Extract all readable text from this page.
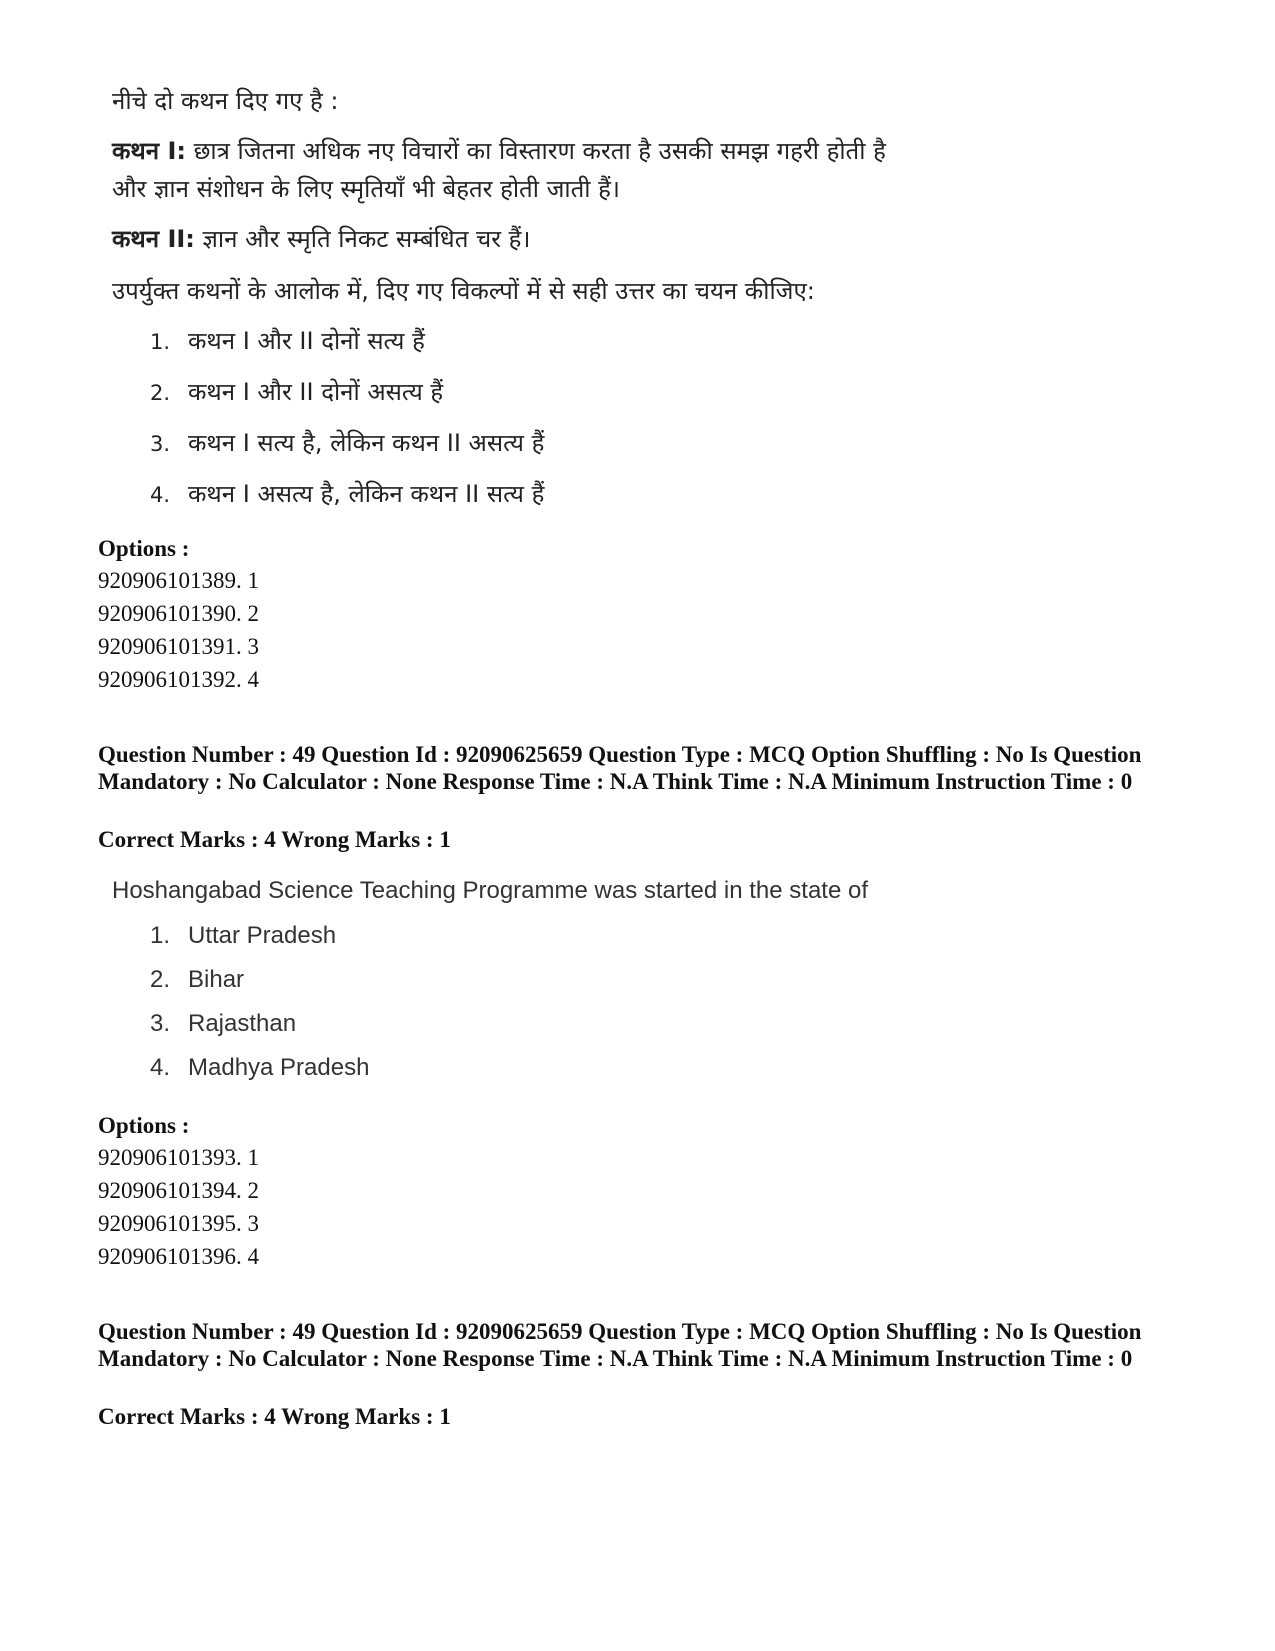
नीचे दो कथन दिए गए है :
कथन I: छात्र जितना अधिक नए विचारों का विस्तारण करता है उसकी समझ गहरी होती है
और ज्ञान संशोधन के लिए स्मृतियाँ भी बेहतर होती जाती हैं।
कथन II: ज्ञान और स्मृति निकट सम्बंधित चर हैं।
उपर्युक्त कथनों के आलोक में, दिए गए विकल्पों में से सही उत्तर का चयन कीजिए:
1. कथन I और II दोनों सत्य हैं
2. कथन I और II दोनों असत्य हैं
3. कथन I सत्य है, लेकिन कथन II असत्य हैं
4. कथन I असत्य है, लेकिन कथन II सत्य हैं
Options :
920906101389. 1
920906101390. 2
920906101391. 3
920906101392. 4
Question Number : 49 Question Id : 92090625659 Question Type : MCQ Option Shuffling : No Is Question Mandatory : No Calculator : None Response Time : N.A Think Time : N.A Minimum Instruction Time : 0
Correct Marks : 4 Wrong Marks : 1
Hoshangabad Science Teaching Programme was started in the state of
1. Uttar Pradesh
2. Bihar
3. Rajasthan
4. Madhya Pradesh
Options :
920906101393. 1
920906101394. 2
920906101395. 3
920906101396. 4
Question Number : 49 Question Id : 92090625659 Question Type : MCQ Option Shuffling : No Is Question Mandatory : No Calculator : None Response Time : N.A Think Time : N.A Minimum Instruction Time : 0
Correct Marks : 4 Wrong Marks : 1
